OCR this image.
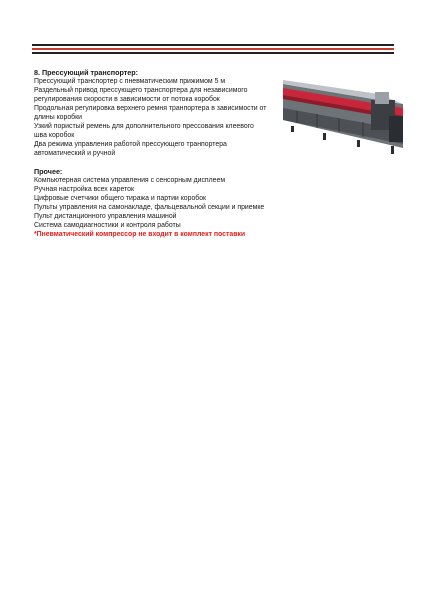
8. Прессующий транспортер:

Прессующий транспортер с пневматическим прижимом 5 м

Раздельный привод прессующего транспортера для независимого

регулирования скорости в зависимости от потока коробок

Продольная регулировка верхнего ремня транпортера в зависимости от

длины коробки

Узкий пористый ремень для дополнительного прессования клеевого

шва коробок

Два режима управления работой прессующего транпортера

автоматический и ручной

Прочее:

Компьютерная система управления с сенсорным дисплеем

Ручная настройка всех кареток

Цифровые счетчики общего тиража и партии коробок

Пульты управления на самонакладе, фальцевальной секции и приемке

Пульт дистанционного управления машиной

Система самодиагностики и контроля работы

*Пневматический компрессор не входит в комплект поставки
